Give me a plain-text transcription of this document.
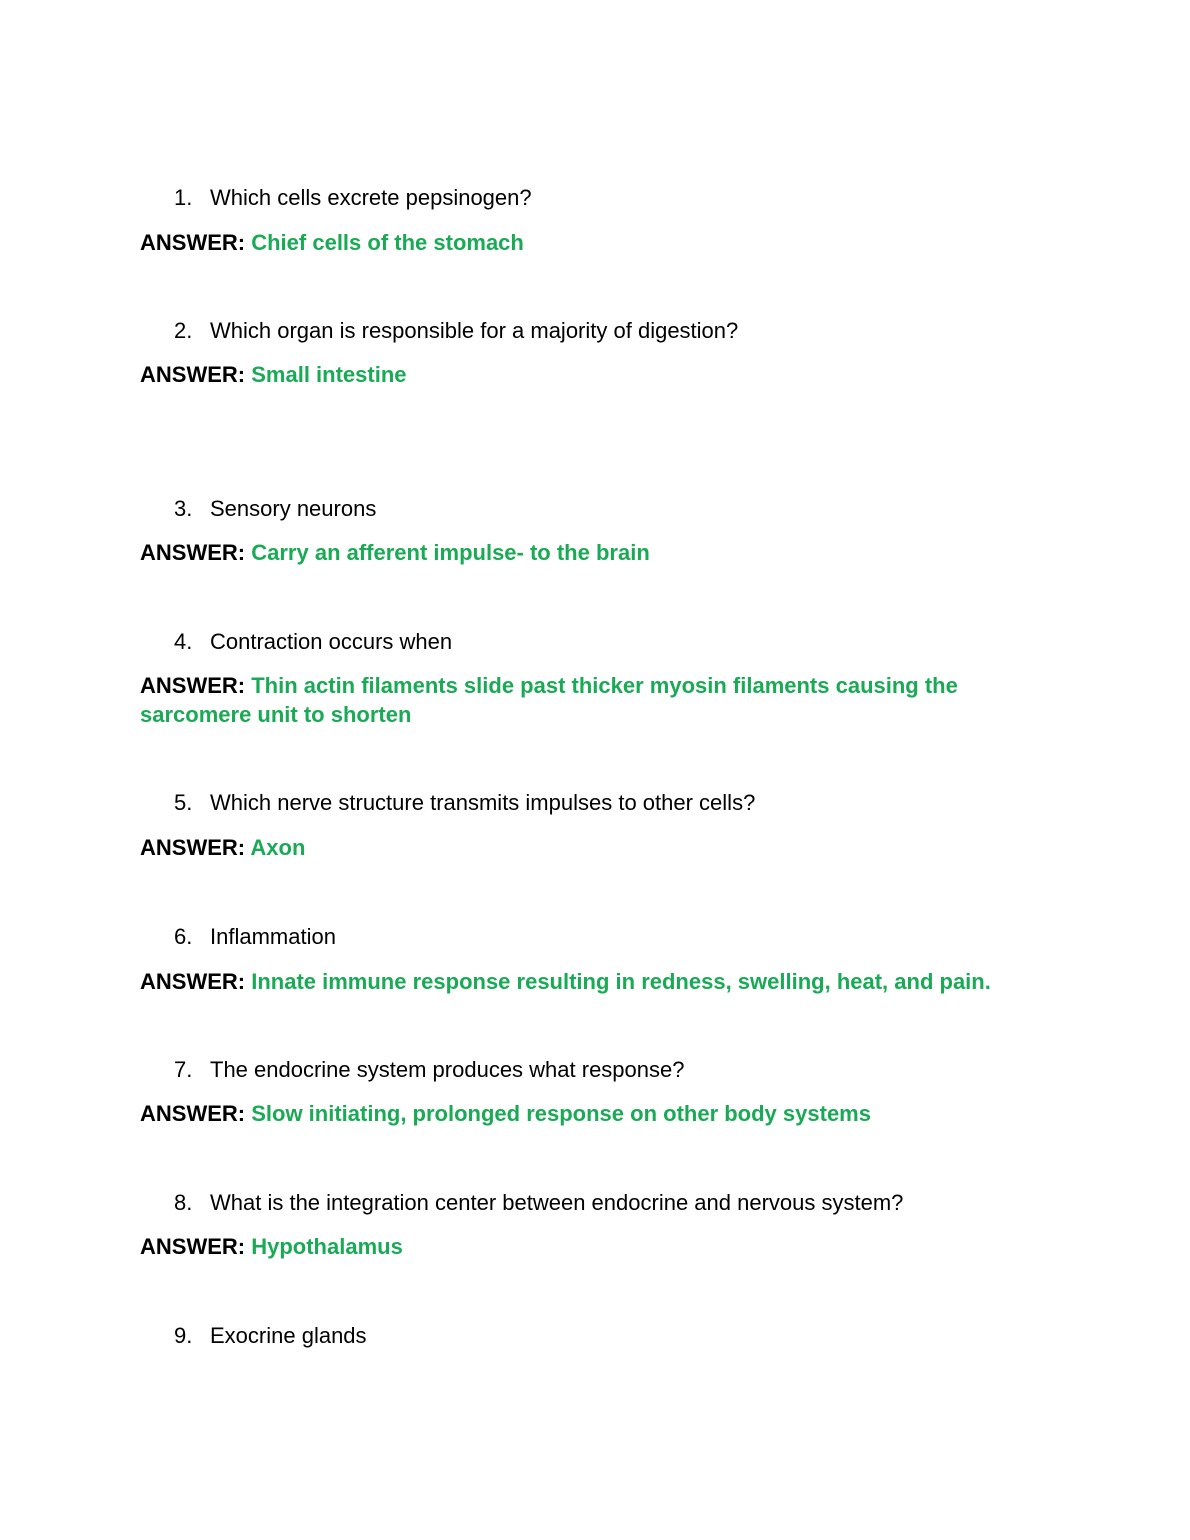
1. Which cells excrete pepsinogen?
ANSWER: Chief cells of the stomach
2. Which organ is responsible for a majority of digestion?
ANSWER: Small intestine
3. Sensory neurons
ANSWER: Carry an afferent impulse- to the brain
4. Contraction occurs when
ANSWER: Thin actin filaments slide past thicker myosin filaments causing the sarcomere unit to shorten
5. Which nerve structure transmits impulses to other cells?
ANSWER: Axon
6. Inflammation
ANSWER: Innate immune response resulting in redness, swelling, heat, and pain.
7. The endocrine system produces what response?
ANSWER: Slow initiating, prolonged response on other body systems
8. What is the integration center between endocrine and nervous system?
ANSWER: Hypothalamus
9. Exocrine glands
